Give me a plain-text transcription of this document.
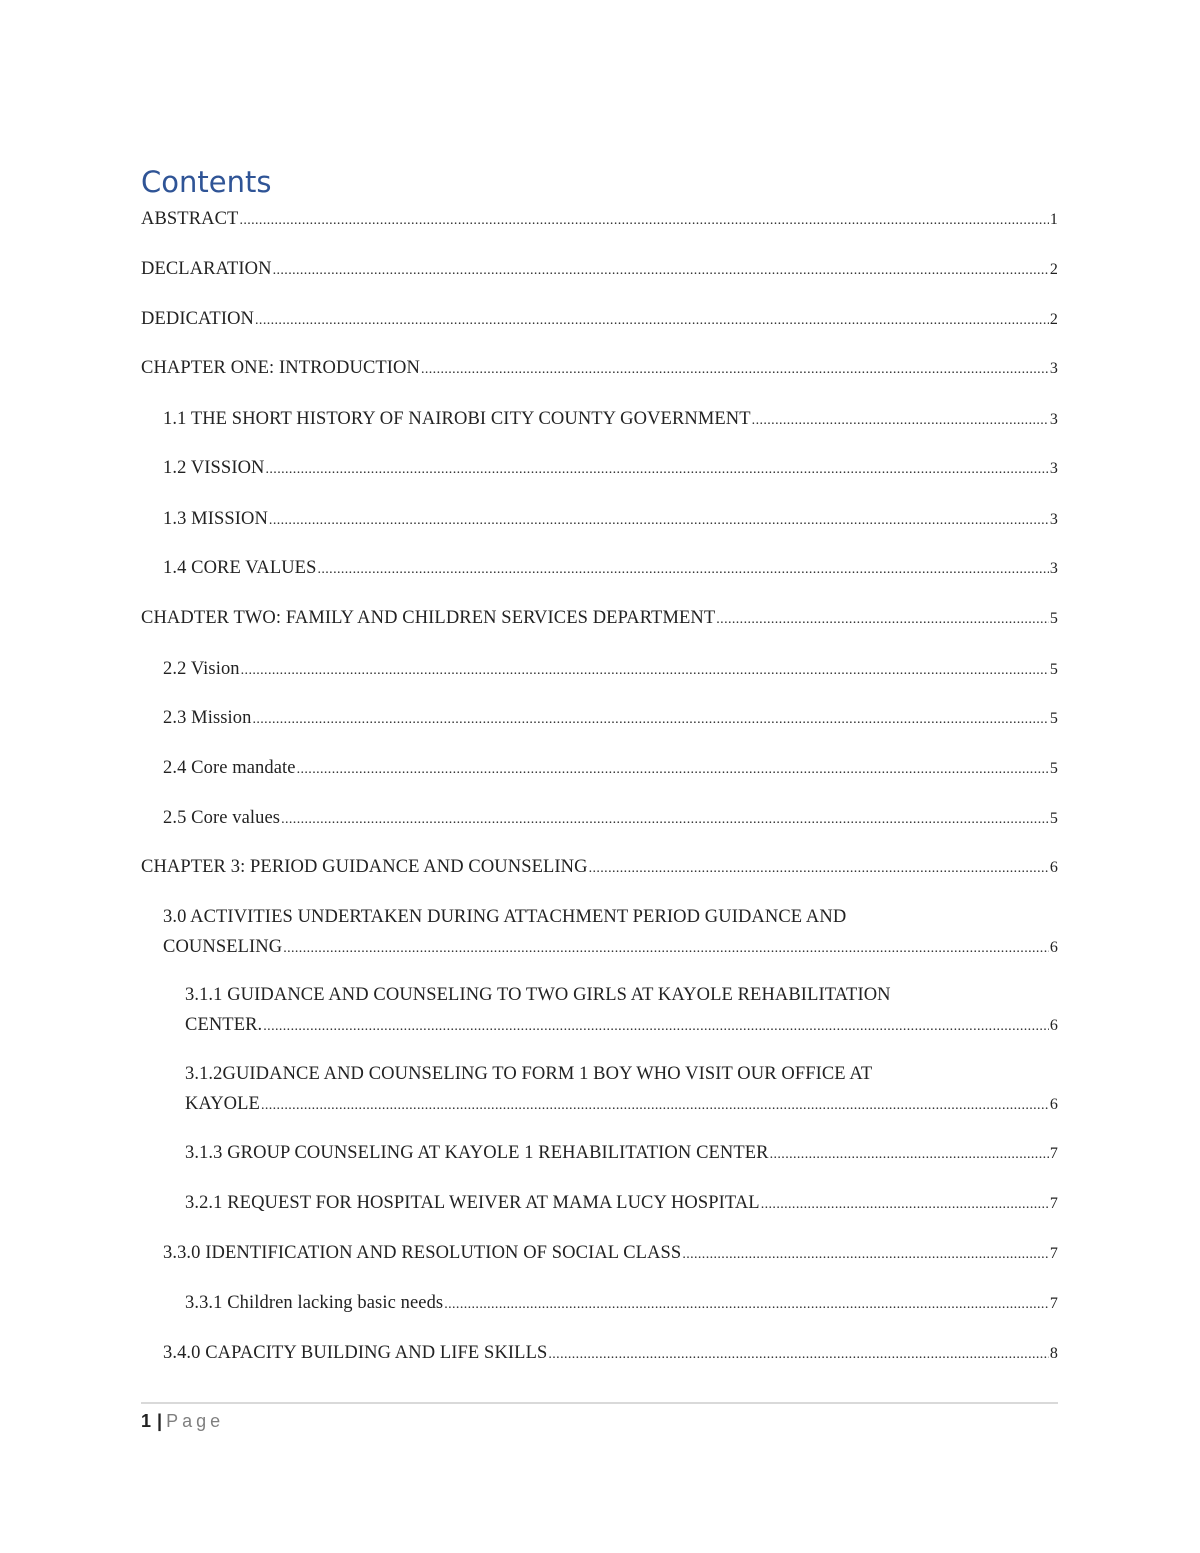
Contents
ABSTRACT .....	1
DECLARATION .....	2
DEDICATION .....	2
CHAPTER ONE: INTRODUCTION .....	3
1.1 THE SHORT HISTORY OF NAIROBI CITY COUNTY GOVERNMENT .....	3
1.2 VISSION .....	3
1.3 MISSION .....	3
1.4 CORE VALUES .....	3
CHADTER TWO: FAMILY AND CHILDREN SERVICES DEPARTMENT .....	5
2.2 Vision .....	5
2.3 Mission .....	5
2.4 Core mandate .....	5
2.5 Core values .....	5
CHAPTER 3: PERIOD GUIDANCE AND COUNSELING .....	6
3.0 ACTIVITIES UNDERTAKEN DURING ATTACHMENT PERIOD GUIDANCE AND
COUNSELING .....	6
3.1.1 GUIDANCE AND COUNSELING TO TWO GIRLS AT KAYOLE REHABILITATION
CENTER. .....	6
3.1.2GUIDANCE AND COUNSELING TO FORM 1 BOY WHO VISIT OUR OFFICE AT
KAYOLE .....	6
3.1.3 GROUP COUNSELING AT KAYOLE 1 REHABILITATION CENTER .....	7
3.2.1 REQUEST FOR HOSPITAL WEIVER AT MAMA LUCY HOSPITAL .....	7
3.3.0 IDENTIFICATION AND RESOLUTION OF SOCIAL CLASS .....	7
3.3.1 Children lacking basic needs .....	7
3.4.0 CAPACITY BUILDING AND LIFE SKILLS .....	8
1 | Page
